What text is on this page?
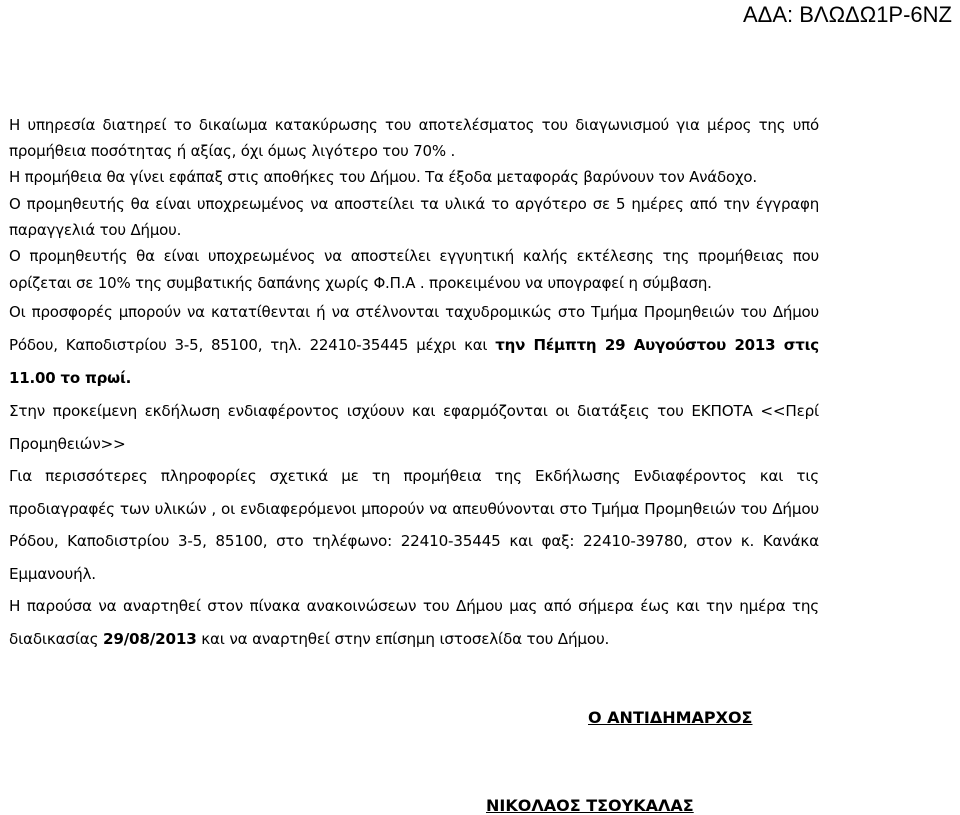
ΑΔΑ: ΒΛΩΔΩ1Ρ-6ΝΖ

Η υπηρεσία διατηρεί το δικαίωμα κατακύρωσης του αποτελέσματος του διαγωνισμού για μέρος της υπό προμήθεια ποσότητας ή αξίας, όχι όμως λιγότερο του 70% .

Η προμήθεια θα γίνει εφάπαξ στις αποθήκες του Δήμου. Τα έξοδα μεταφοράς βαρύνουν τον Ανάδοχο.

Ο προμηθευτής θα είναι υποχρεωμένος να αποστείλει τα υλικά το αργότερο σε 5 ημέρες από την έγγραφη παραγγελιά του Δήμου.

Ο προμηθευτής θα είναι υποχρεωμένος να αποστείλει εγγυητική καλής εκτέλεσης της προμήθειας που ορίζεται σε 10% της συμβατικής δαπάνης χωρίς Φ.Π.Α . προκειμένου να υπογραφεί η σύμβαση.

Οι προσφορές μπορούν να κατατίθενται ή να στέλνονται ταχυδρομικώς στο Τμήμα Προμηθειών του Δήμου Ρόδου, Καποδιστρίου 3-5, 85100, τηλ. 22410-35445 μέχρι και την Πέμπτη 29 Αυγούστου 2013 στις 11.00 το πρωί.

Στην προκείμενη εκδήλωση ενδιαφέροντος ισχύουν και εφαρμόζονται οι διατάξεις του ΕΚΠΟΤΑ <<Περί Προμηθειών>>

Για περισσότερες πληροφορίες σχετικά με τη προμήθεια της Εκδήλωσης Ενδιαφέροντος και τις προδιαγραφές των υλικών , οι ενδιαφερόμενοι μπορούν να απευθύνονται στο Τμήμα Προμηθειών του Δήμου Ρόδου, Καποδιστρίου 3-5, 85100, στο τηλέφωνο: 22410-35445 και φαξ: 22410-39780, στον κ. Κανάκα Εμμανουήλ.

Η παρούσα να αναρτηθεί στον πίνακα ανακοινώσεων του Δήμου μας από σήμερα έως και την ημέρα της διαδικασίας 29/08/2013 και να αναρτηθεί στην επίσημη ιστοσελίδα του Δήμου.

Ο ΑΝΤΙΔΗΜΑΡΧΟΣ
ΝΙΚΟΛΑΟΣ ΤΣΟΥΚΑΛΑΣ
